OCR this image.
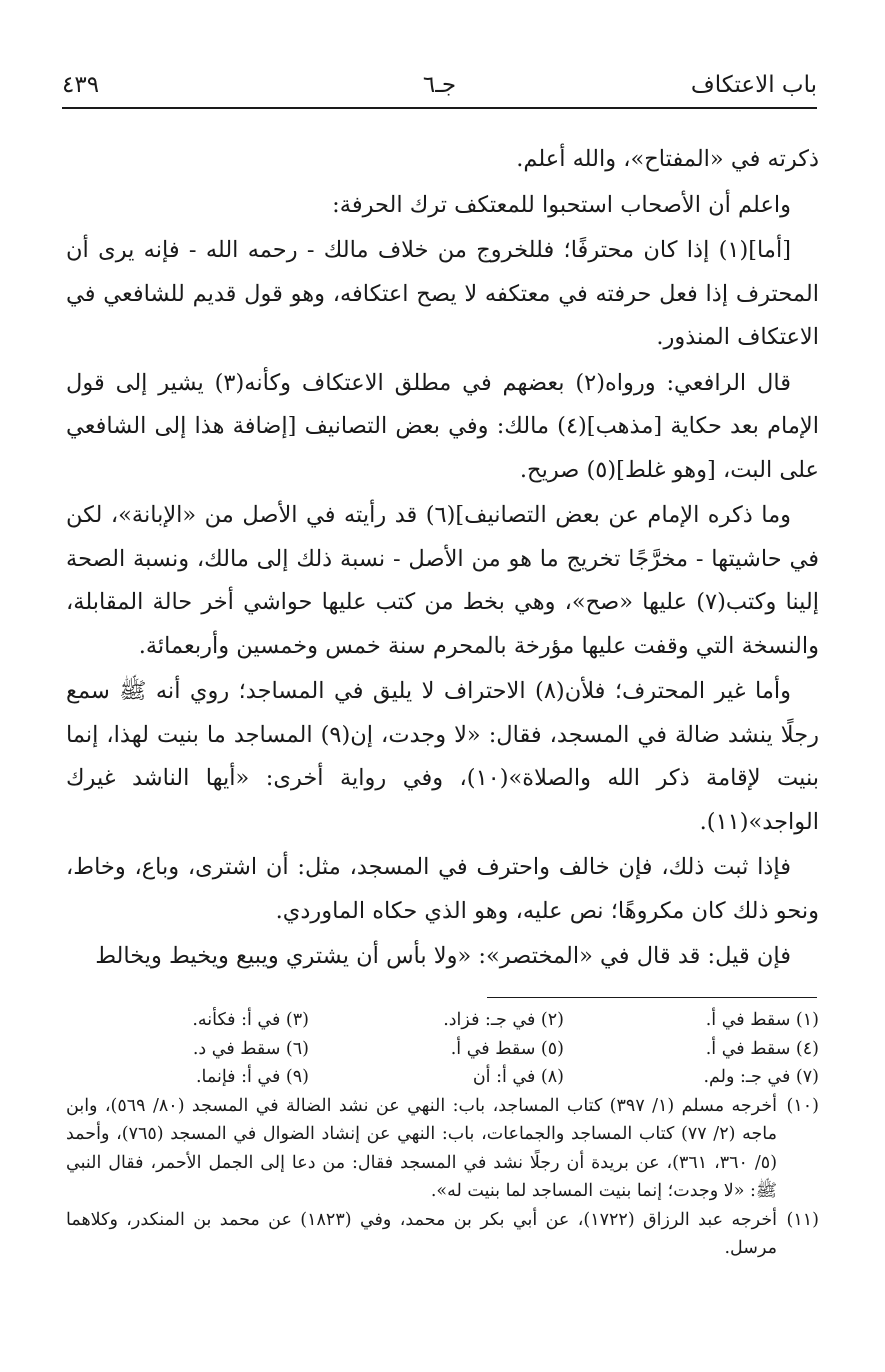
باب الاعتكاف
جـ٦
٤٣٩

ذكرته في «المفتاح»، والله أعلم.

واعلم أن الأصحاب استحبوا للمعتكف ترك الحرفة:

[أما](١) إذا كان محترفًا؛ فللخروج من خلاف مالك - رحمه الله - فإنه يرى أن المحترف إذا فعل حرفته في معتكفه لا يصح اعتكافه، وهو قول قديم للشافعي في الاعتكاف المنذور.

قال الرافعي: ورواه(٢) بعضهم في مطلق الاعتكاف وكأنه(٣) يشير إلى قول الإمام بعد حكاية [مذهب](٤) مالك: وفي بعض التصانيف [إضافة هذا إلى الشافعي على البت، [وهو غلط](٥) صريح.

وما ذكره الإمام عن بعض التصانيف](٦) قد رأيته في الأصل من «الإبانة»، لكن في حاشيتها - مخرَّجًا تخريج ما هو من الأصل - نسبة ذلك إلى مالك، ونسبة الصحة إلينا وكتب(٧) عليها «صح»، وهي بخط من كتب عليها حواشي أخر حالة المقابلة، والنسخة التي وقفت عليها مؤرخة بالمحرم سنة خمس وخمسين وأربعمائة.

وأما غير المحترف؛ فلأن(٨) الاحتراف لا يليق في المساجد؛ روي أنه ﷺ سمع رجلًا ينشد ضالة في المسجد، فقال: «لا وجدت، إن(٩) المساجد ما بنيت لهذا، إنما بنيت لإقامة ذكر الله والصلاة»(١٠)، وفي رواية أخرى: «أيها الناشد غيرك الواجد»(١١).

فإذا ثبت ذلك، فإن خالف واحترف في المسجد، مثل: أن اشترى، وباع، وخاط، ونحو ذلك كان مكروهًا؛ نص عليه، وهو الذي حكاه الماوردي.

فإن قيل: قد قال في «المختصر»: «ولا بأس أن يشتري ويبيع ويخيط ويخالط

(١) سقط في أ.
(٢) في جـ: فزاد.
(٣) في أ: فكأنه.
(٤) سقط في أ.
(٥) سقط في أ.
(٦) سقط في د.
(٧) في جـ: ولم.
(٨) في أ: أن
(٩) في أ: فإنما.

(١٠)
أخرجه مسلم (١/ ٣٩٧) كتاب المساجد، باب: النهي عن نشد الضالة في المسجد (٨٠/ ٥٦٩)، وابن ماجه (٢/ ٧٧) كتاب المساجد والجماعات، باب: النهي عن إنشاد الضوال في المسجد (٧٦٥)، وأحمد (٥/ ٣٦٠، ٣٦١)، عن بريدة أن رجلًا نشد في المسجد فقال: من دعا إلى الجمل الأحمر، فقال النبي ﷺ: «لا وجدت؛ إنما بنيت المساجد لما بنيت له».

(١١)
أخرجه عبد الرزاق (١٧٢٢)، عن أبي بكر بن محمد، وفي (١٨٢٣) عن محمد بن المنكدر، وكلاهما مرسل.
